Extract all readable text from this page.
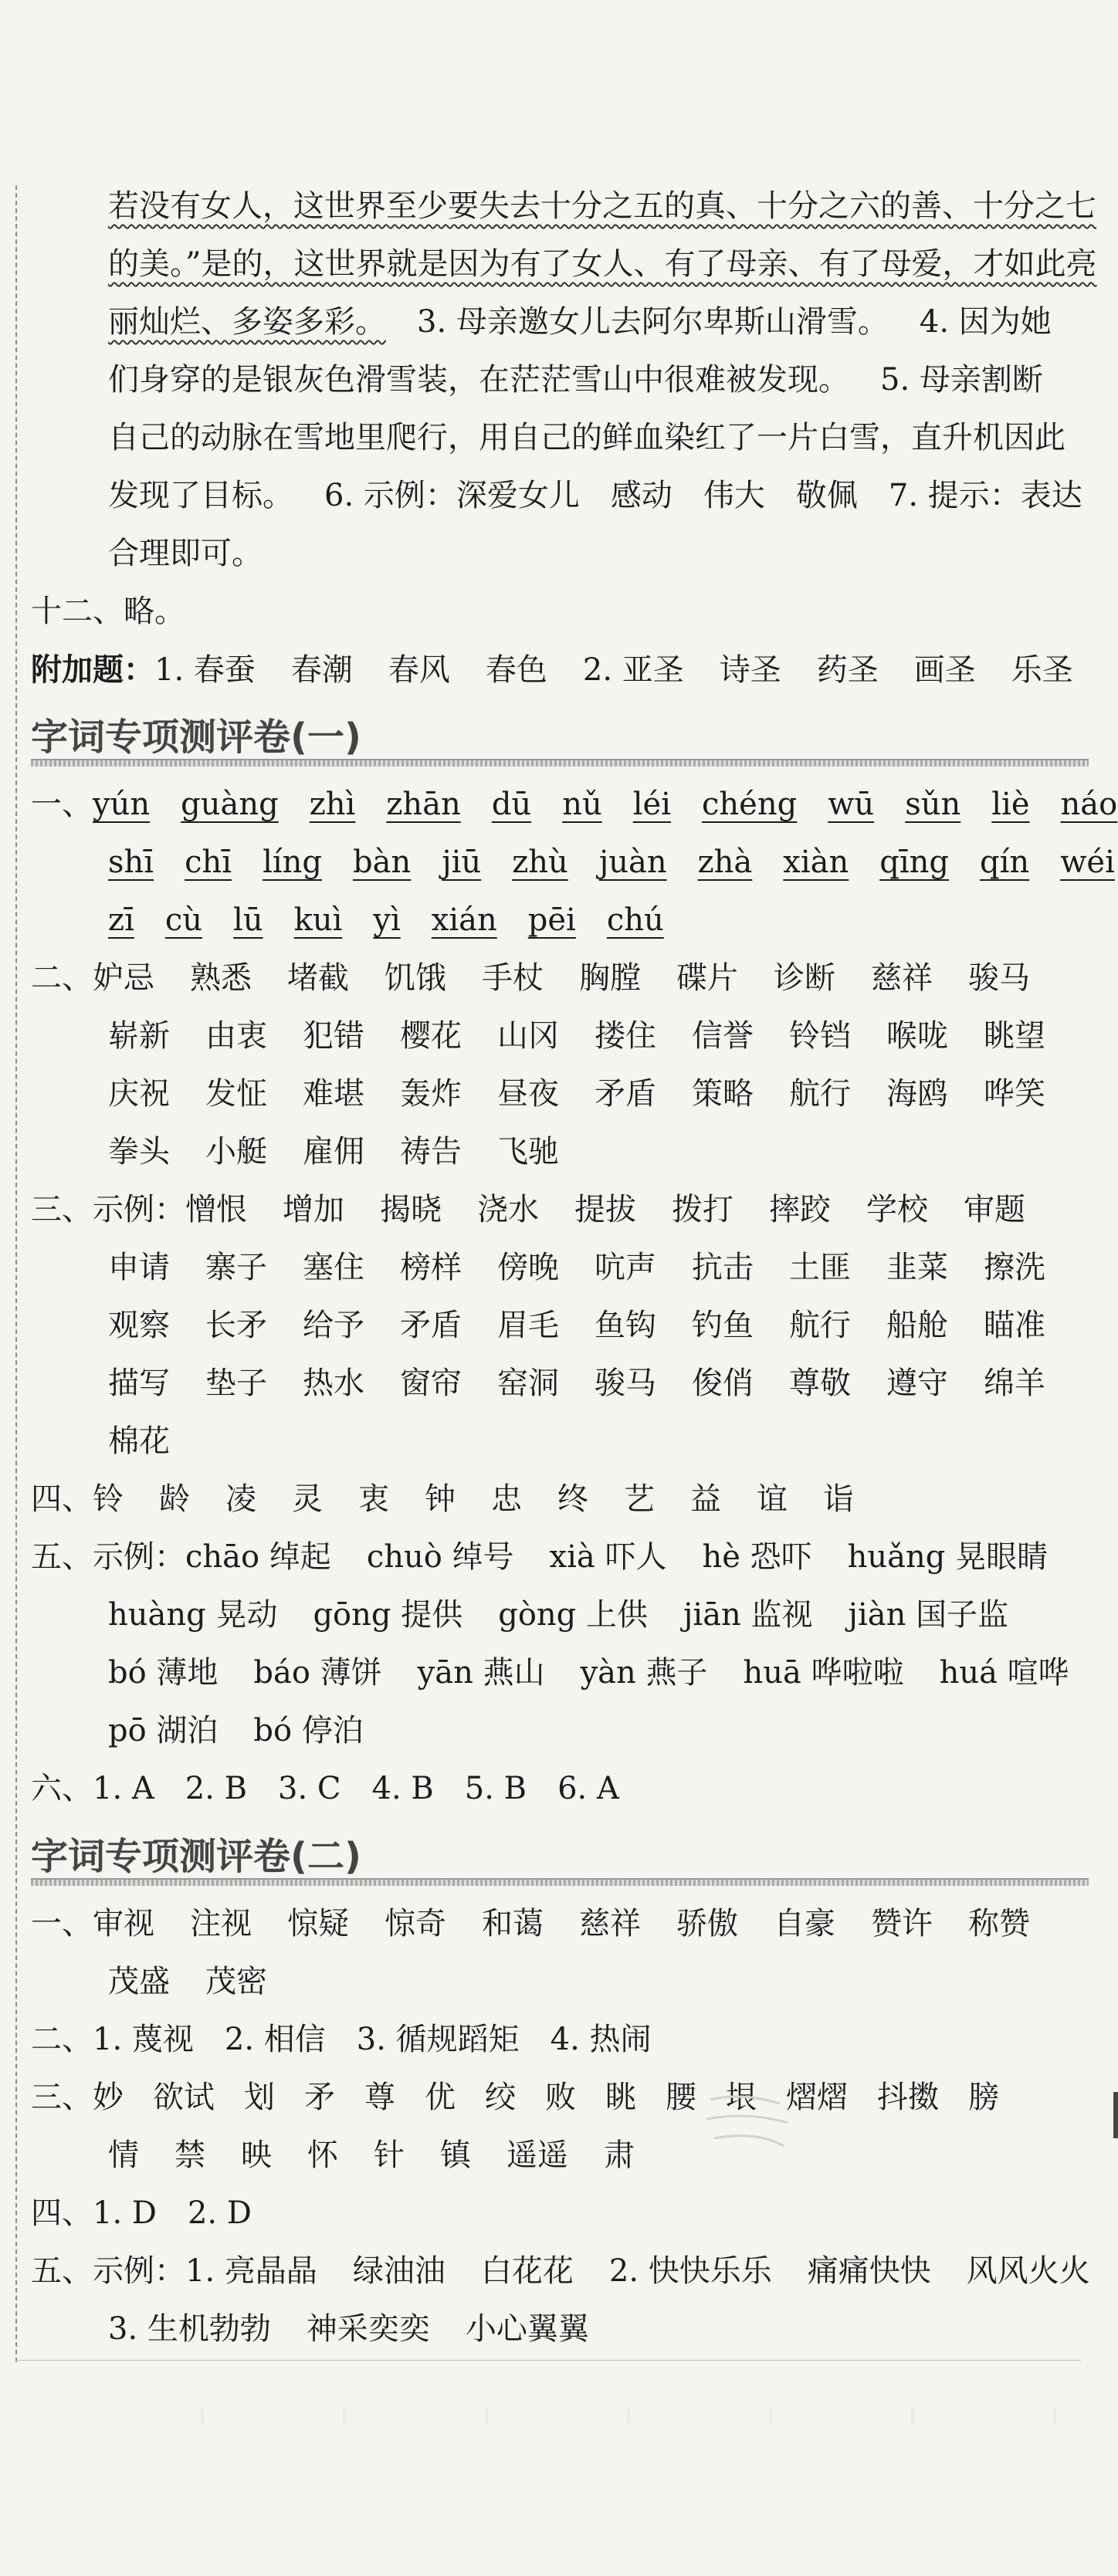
若没有女人，这世界至少要失去十分之五的真、十分之六的善、十分之七
的美。”是的，这世界就是因为有了女人、有了母亲、有了母爱，才如此亮
丽灿烂、多姿多彩。 3. 母亲邀女儿去阿尔卑斯山滑雪。 4. 因为她
们身穿的是银灰色滑雪装，在茫茫雪山中很难被发现。 5. 母亲割断
自己的动脉在雪地里爬行，用自己的鲜血染红了一片白雪，直升机因此
发现了目标。 6. 示例：深爱女儿 感动 伟大 敬佩 7. 提示：表达
合理即可。
十二、略。
附加题：1. 春蚕 春潮 春风 春色 2. 亚圣 诗圣 药圣 画圣 乐圣
字词专项测评卷(一)
一、yún guàng zhì zhān dū nǔ léi chéng wū sǔn liè náo
shī chī líng bàn jiū zhù juàn zhà xiàn qīng qín wéi
zī cù lū kuì yì xián pēi chú
二、妒忌 熟悉 堵截 饥饿 手杖 胸膛 碟片 诊断 慈祥 骏马
崭新 由衷 犯错 樱花 山冈 搂住 信誉 铃铛 喉咙 眺望
庆祝 发怔 难堪 轰炸 昼夜 矛盾 策略 航行 海鸥 哗笑
拳头 小艇 雇佣 祷告 飞驰
三、示例：憎恨 增加 揭晓 浇水 提拔 拨打 摔跤 学校 审题
申请 寨子 塞住 榜样 傍晚 吭声 抗击 土匪 韭菜 擦洗
观察 长矛 给予 矛盾 眉毛 鱼钩 钓鱼 航行 船舱 瞄准
描写 垫子 热水 窗帘 窑洞 骏马 俊俏 尊敬 遵守 绵羊
棉花
四、铃 龄 凌 灵 衷 钟 忠 终 艺 益 谊 诣
五、示例：chāo 绰起 chuò 绰号 xià 吓人 hè 恐吓 huǎng 晃眼睛
huàng 晃动 gōng 提供 gòng 上供 jiān 监视 jiàn 国子监
bó 薄地 báo 薄饼 yān 燕山 yàn 燕子 huā 哗啦啦 huá 喧哗
pō 湖泊 bó 停泊
六、1. A　2. B　3. C　4. B　5. B　6. A
字词专项测评卷(二)
一、审视 注视 惊疑 惊奇 和蔼 慈祥 骄傲 自豪 赞许 称赞
茂盛 茂密
二、1. 蔑视　2. 相信　3. 循规蹈矩　4. 热闹
三、妙 欲试 划 矛 尊 优 绞 败 眺 腰 垠 熠熠 抖擞 膀
情 禁 映 怀 针 镇 遥遥 肃
四、1. D　2. D
五、示例：1. 亮晶晶 绿油油 白花花 2. 快快乐乐 痛痛快快 风风火火
3. 生机勃勃 神采奕奕 小心翼翼
